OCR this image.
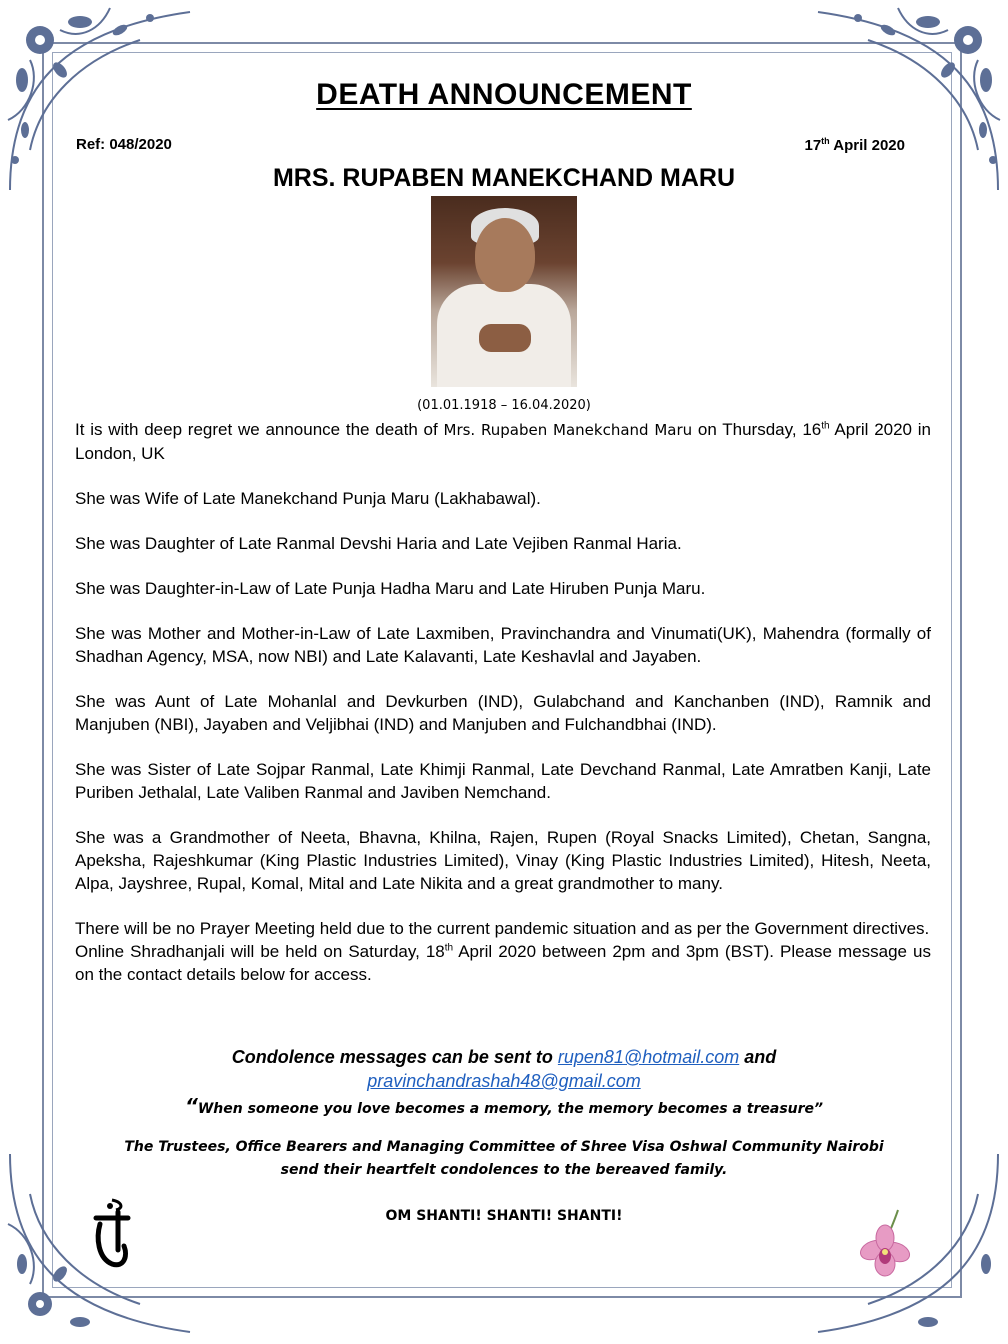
DEATH ANNOUNCEMENT
Ref: 048/2020	17th April 2020
MRS. RUPABEN MANEKCHAND MARU
(01.01.1918 – 16.04.2020)

It is with deep regret we announce the death of Mrs. Rupaben Manekchand Maru on Thursday, 16th April 2020 in London, UK

She was Wife of Late Manekchand Punja Maru (Lakhabawal).

She was Daughter of Late Ranmal Devshi Haria and Late Vejiben Ranmal Haria.

She was Daughter-in-Law of Late Punja Hadha Maru and Late Hiruben Punja Maru.

She was Mother and Mother-in-Law of Late Laxmiben, Pravinchandra and Vinumati(UK), Mahendra (formally of Shadhan Agency, MSA, now NBI) and Late Kalavanti, Late Keshavlal and Jayaben.

She was Aunt of Late Mohanlal and Devkurben (IND), Gulabchand and Kanchanben (IND), Ramnik and Manjuben (NBI), Jayaben and Veljibhai (IND) and Manjuben and Fulchandbhai (IND).

She was Sister of Late Sojpar Ranmal, Late Khimji Ranmal, Late Devchand Ranmal, Late Amratben Kanji, Late Puriben Jethalal, Late Valiben Ranmal and Javiben Nemchand.

She was a Grandmother of Neeta, Bhavna, Khilna, Rajen, Rupen (Royal Snacks Limited), Chetan, Sangna, Apeksha, Rajeshkumar (King Plastic Industries Limited), Vinay (King Plastic Industries Limited), Hitesh, Neeta, Alpa, Jayshree, Rupal, Komal, Mital and Late Nikita and a great grandmother to many.

There will be no Prayer Meeting held due to the current pandemic situation and as per the Government directives.

Online Shradhanjali will be held on Saturday, 18th April 2020 between 2pm and 3pm (BST). Please message us on the contact details below for access.

Condolence messages can be sent to rupen81@hotmail.com and
pravinchandrashah48@gmail.com
“When someone you love becomes a memory, the memory becomes a treasure”
The Trustees, Office Bearers and Managing Committee of Shree Visa Oshwal Community Nairobi
send their heartfelt condolences to the bereaved family.
OM SHANTI! SHANTI! SHANTI!
